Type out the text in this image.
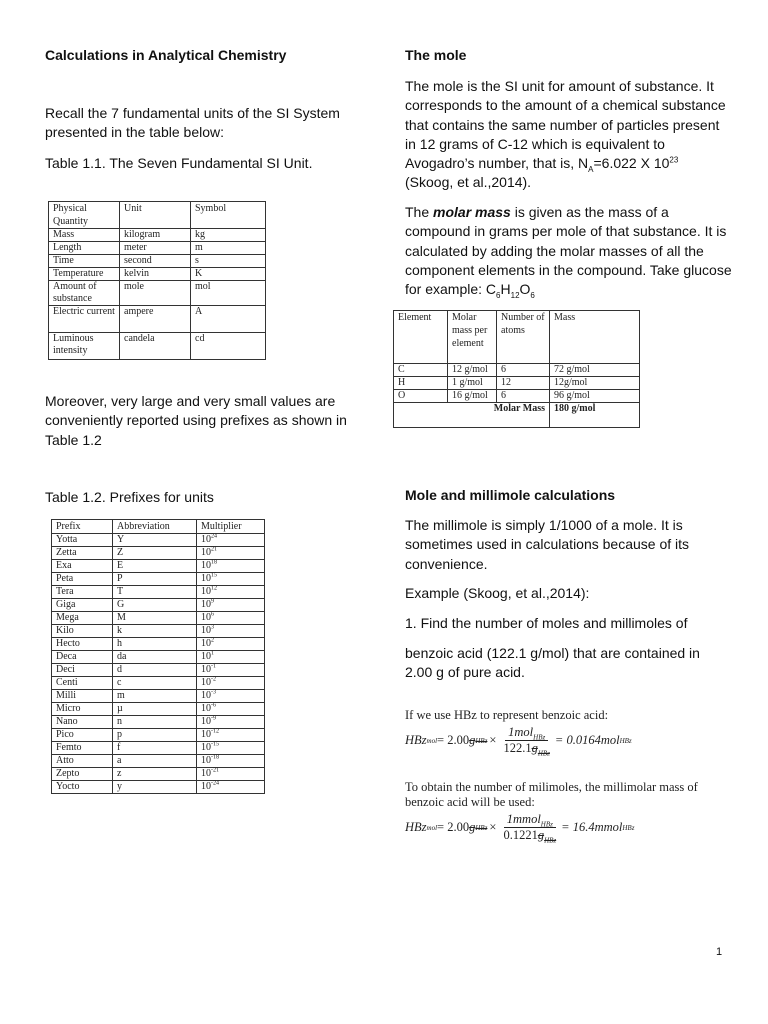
Calculations in Analytical Chemistry

Recall the 7 fundamental units of the SI System presented in the table below:

Table 1.1. The Seven Fundamental SI Unit.

Physical Quantity	Unit	Symbol
Mass	kilogram	kg
Length	meter	m
Time	second	s
Temperature	kelvin	K
Amount of substance	mole	mol
Electric current	ampere	A
Luminous intensity	candela	cd

Moreover, very large and very small values are conveniently reported using prefixes as shown in Table 1.2

Table 1.2. Prefixes for units

Prefix	Abbreviation	Multiplier
Yotta	Y	$10^{24}$
Zetta	Z	$10^{21}$
Exa	E	$10^{18}$
Peta	P	$10^{15}$
Tera	T	$10^{12}$
Giga	G	$10^9$
Mega	M	$10^6$
Kilo	k	$10^3$
Hecto	h	$10^2$
Deca	da	$10^1$
Deci	d	$10^{-1}$
Centi	c	$10^{-2}$
Milli	m	$10^{-3}$
Micro	µ	$10^{-6}$
Nano	n	$10^{-9}$
Pico	p	$10^{-12}$
Femto	f	$10^{-15}$
Atto	a	$10^{-18}$
Zepto	z	$10^{-21}$
Yocto	y	$10^{-24}$
The mole

The mole is the SI unit for amount of substance. It corresponds to the amount of a chemical substance that contains the same number of particles present in 12 grams of C-12 which is equivalent to Avogadro’s number, that is, $N_A=6.022$ X $10^{23}$ (Skoog, et al.,2014).

The molar mass is given as the mass of a compound in grams per mole of that substance. It is calculated by adding the molar masses of all the component elements in the compound. Take glucose for example: $C_6H_{12}O_6$

Element	Molar mass per element	Number of atoms	Mass
C	12 g/mol	6	72 g/mol
H	1 g/mol	12	12g/mol
O	16 g/mol	6	96 g/mol
Molar Mass			180 g/mol
Mole and millimole calculations

The millimole is simply 1/1000 of a mole. It is sometimes used in calculations because of its convenience.

Example (Skoog, et al.,2014):

1. Find the number of moles and millimoles of

benzoic acid (122.1 g/mol) that are contained in 2.00 g of pure acid.

If we use HBz to represent benzoic acid:
HBz mol = 2.00 g HBz × $\frac{1mol_{HBz}}{122.1g_{HBz}} = 0.0164mol$ HBz
To obtain the number of milimoles, the millimolar mass of benzoic acid will be used:
HBz mol = 2.00 g HBz × $\frac{1mmol_{HBz}}{0.1221g_{HBz}}$ = 16.4mmol HBz
1
